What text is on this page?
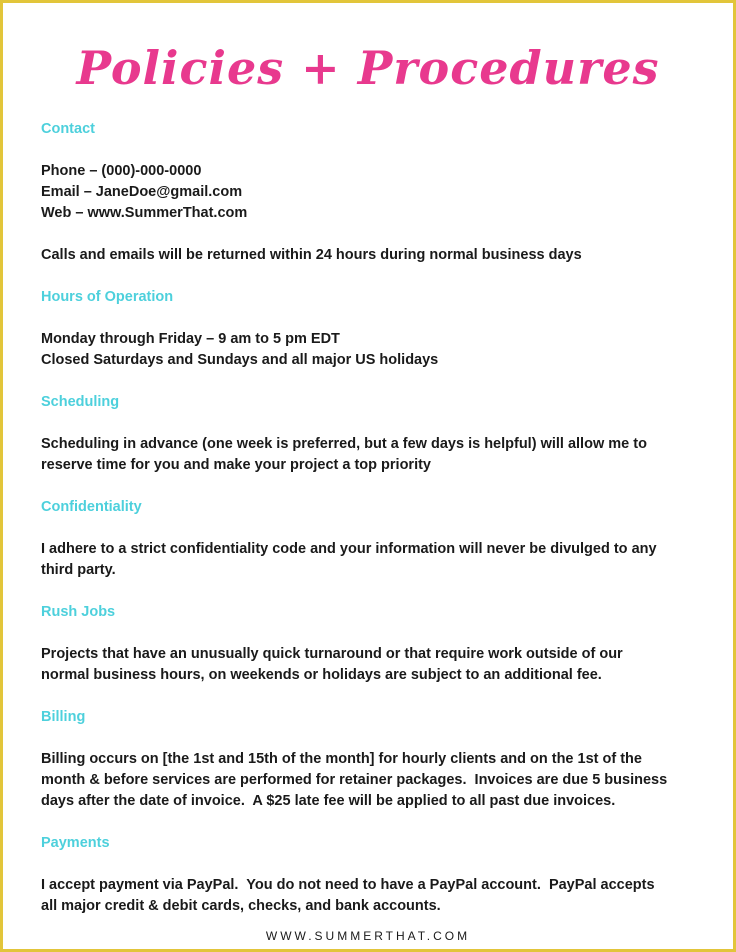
Policies + Procedures
Contact
Phone – (000)-000-0000
Email – JaneDoe@gmail.com
Web – www.SummerThat.com
Calls and emails will be returned within 24 hours during normal business days
Hours of Operation
Monday through Friday – 9 am to 5 pm EDT
Closed Saturdays and Sundays and all major US holidays
Scheduling
Scheduling in advance (one week is preferred, but a few days is helpful) will allow me to
reserve time for you and make your project a top priority
Confidentiality
I adhere to a strict confidentiality code and your information will never be divulged to any
third party.
Rush Jobs
Projects that have an unusually quick turnaround or that require work outside of our
normal business hours, on weekends or holidays are subject to an additional fee.
Billing
Billing occurs on [the 1st and 15th of the month] for hourly clients and on the 1st of the
month & before services are performed for retainer packages.  Invoices are due 5 business
days after the date of invoice.  A $25 late fee will be applied to all past due invoices.
Payments
I accept payment via PayPal.  You do not need to have a PayPal account.  PayPal accepts
all major credit & debit cards, checks, and bank accounts.
WWW.SUMMERTHAT.COM
